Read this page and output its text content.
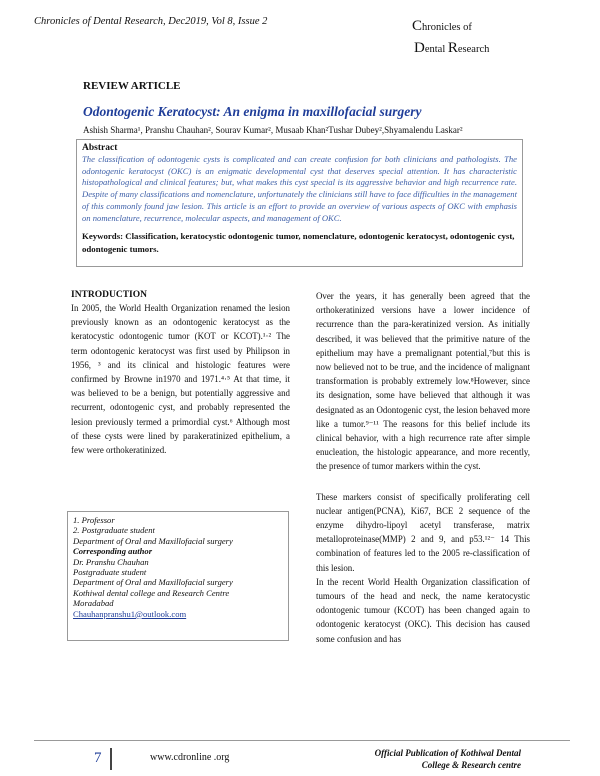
Chronicles of Dental Research, Dec2019, Vol 8, Issue 2	Chronicles of
Dental Research
REVIEW ARTICLE
Odontogenic Keratocyst: An enigma in maxillofacial surgery
Ashish Sharma¹, Pranshu Chauhan², Sourav Kumar², Musaab Khan²Tushar Dubey²,Shyamalendu Laskar²
Abstract
The classification of odontogenic cysts is complicated and can create confusion for both clinicians and pathologists. The odontogenic keratocyst (OKC) is an enigmatic developmental cyst that deserves special attention. It has characteristic histopathological and clinical features; but, what makes this cyst special is its aggressive behavior and high recurrence rate. Despite of many classifications and nomenclature, unfortunately the clinicians still have to face difficulties in the management of this commonly found jaw lesion. This article is an effort to provide an overview of various aspects of OKC with emphasis on nomenclature, recurrence, molecular aspects, and management of OKC.
Keywords: Classification, keratocystic odontogenic tumor, nomenclature, odontogenic keratocyst, odontogenic cyst, odontogenic tumors.
INTRODUCTION
In 2005, the World Health Organization renamed the lesion previously known as an odontogenic keratocyst as the keratocystic odontogenic tumor (KOT or KCOT).¹·² The term odontogenic keratocyst was first used by Philipson in 1956, ³ and its clinical and histologic features were confirmed by Browne in1970 and 1971.⁴·⁵ At that time, it was believed to be a benign, but potentially aggressive and recurrent, odontogenic cyst, and probably represented the lesion previously termed a primordial cyst.⁶ Although most of these cysts were lined by parakeratinized epithelium, a few were orthokeratinized.
Over the years, it has generally been agreed that the orthokeratinized versions have a lower incidence of recurrence than the para-keratinized version. As initially described, it was believed that the primitive nature of the epithelium may have a premalignant potential,⁷but this is now believed not to be true, and the incidence of malignant transformation is probably extremely low.⁸However, since its designation, some have believed that although it was designated as an Odontogenic cyst, the lesion behaved more like a tumor.⁹⁻¹¹ The reasons for this belief include its clinical behavior, with a high recurrence rate after simple enucleation, the histologic appearance, and more recently, the presence of tumor markers within the cyst.
These markers consist of specifically proliferating cell nuclear antigen(PCNA), Ki67, BCE 2 sequence of the enzyme dihydro-lipoyl acetyl transferase, matrix metalloproteinase(MMP) 2 and 9, and p53.¹²⁻ 14 This combination of features led to the 2005 re-classification of this lesion.
In the recent World Health Organization classification of tumours of the head and neck, the name keratocystic odontogenic tumour (KCOT) has been changed again to odontogenic keratocyst (OKC). This decision has caused some confusion and has
1. Professor
2. Postgraduate student
Department of Oral and Maxillofacial surgery
Corresponding author
Dr. Pranshu Chauhan
Postgraduate student
Department of Oral and Maxillofacial surgery
Kothiwal dental college and Research Centre
Moradabad
Chauhanpranshu1@outlook.com
7	www.cdronline .org	Official Publication of Kothiwal Dental
College & Research centre
